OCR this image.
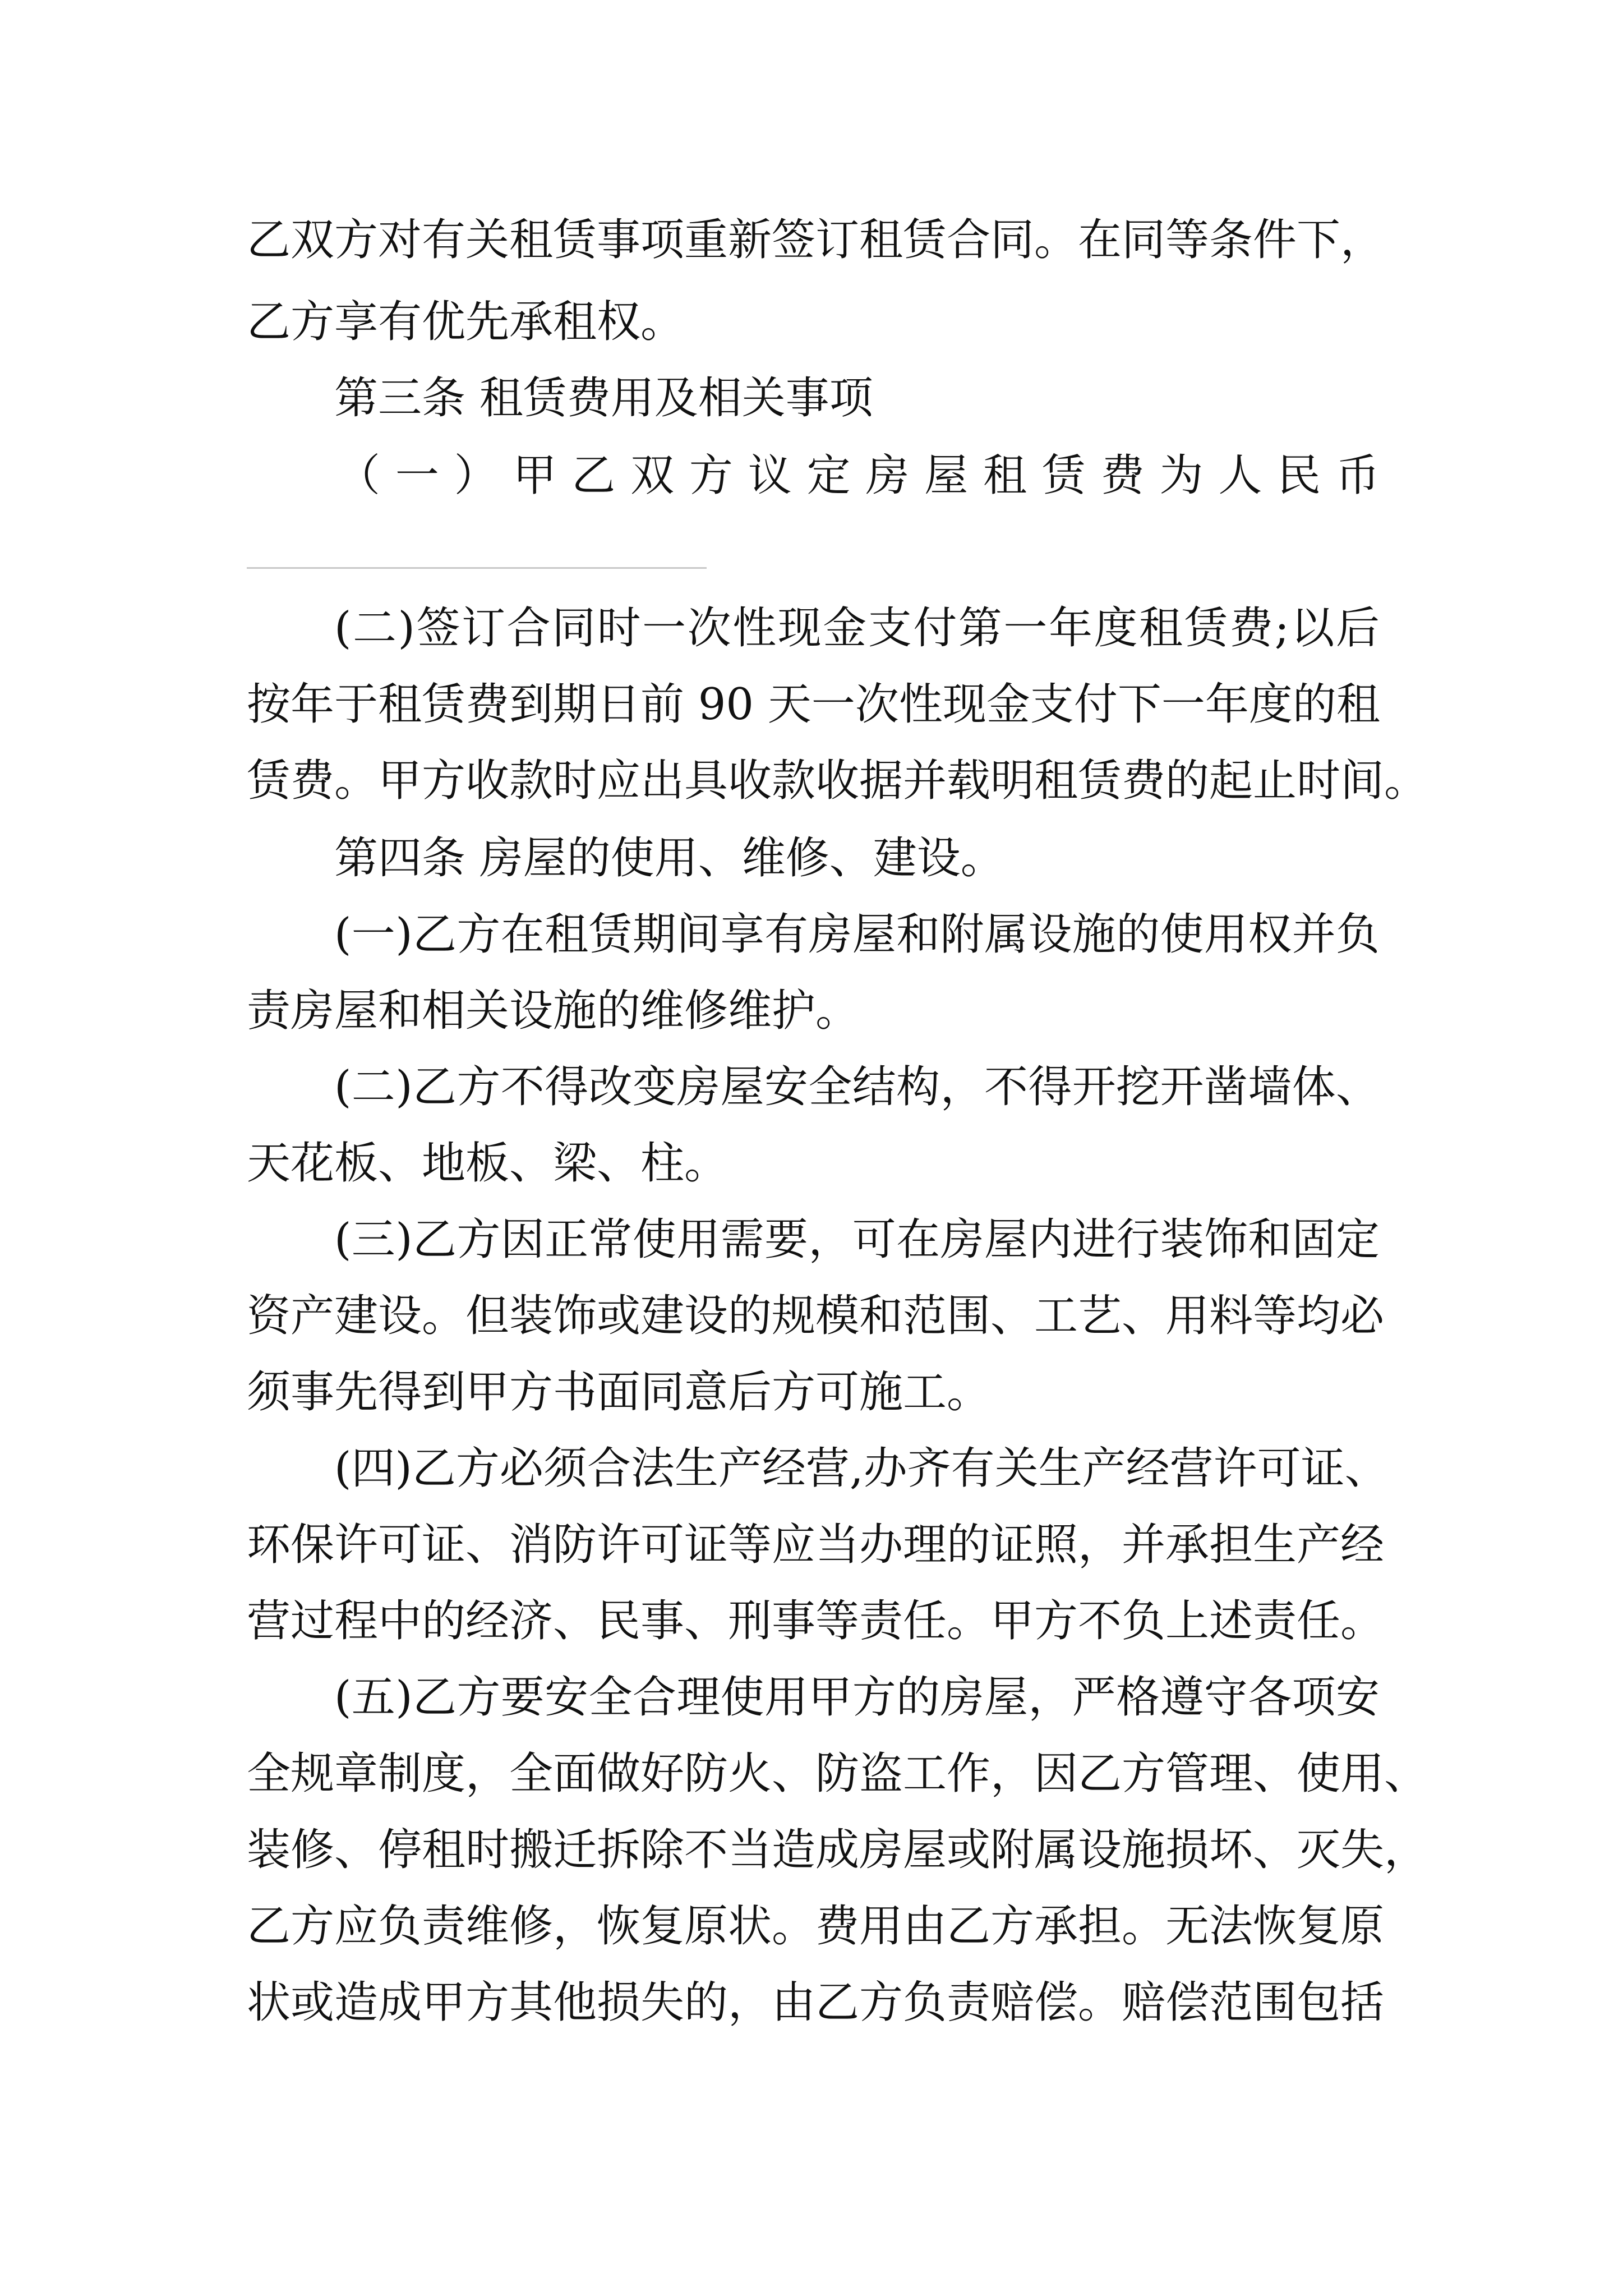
乙双方对有关租赁事项重新签订租赁合同。在同等条件下，
乙方享有优先承租权。
第三条 租赁费用及相关事项
（一）甲乙双方议定房屋租赁费为人民币
(二)签订合同时一次性现金支付第一年度租赁费;以后
按年于租赁费到期日前 90 天一次性现金支付下一年度的租
赁费。甲方收款时应出具收款收据并载明租赁费的起止时间。
第四条 房屋的使用、维修、建设。
(一)乙方在租赁期间享有房屋和附属设施的使用权并负
责房屋和相关设施的维修维护。
(二)乙方不得改变房屋安全结构，不得开挖开凿墙体、
天花板、地板、梁、柱。
(三)乙方因正常使用需要，可在房屋内进行装饰和固定
资产建设。但装饰或建设的规模和范围、工艺、用料等均必
须事先得到甲方书面同意后方可施工。
(四)乙方必须合法生产经营,办齐有关生产经营许可证、
环保许可证、消防许可证等应当办理的证照，并承担生产经
营过程中的经济、民事、刑事等责任。甲方不负上述责任。
(五)乙方要安全合理使用甲方的房屋，严格遵守各项安
全规章制度，全面做好防火、防盗工作，因乙方管理、使用、
装修、停租时搬迁拆除不当造成房屋或附属设施损坏、灭失，
乙方应负责维修，恢复原状。费用由乙方承担。无法恢复原
状或造成甲方其他损失的，由乙方负责赔偿。赔偿范围包括
